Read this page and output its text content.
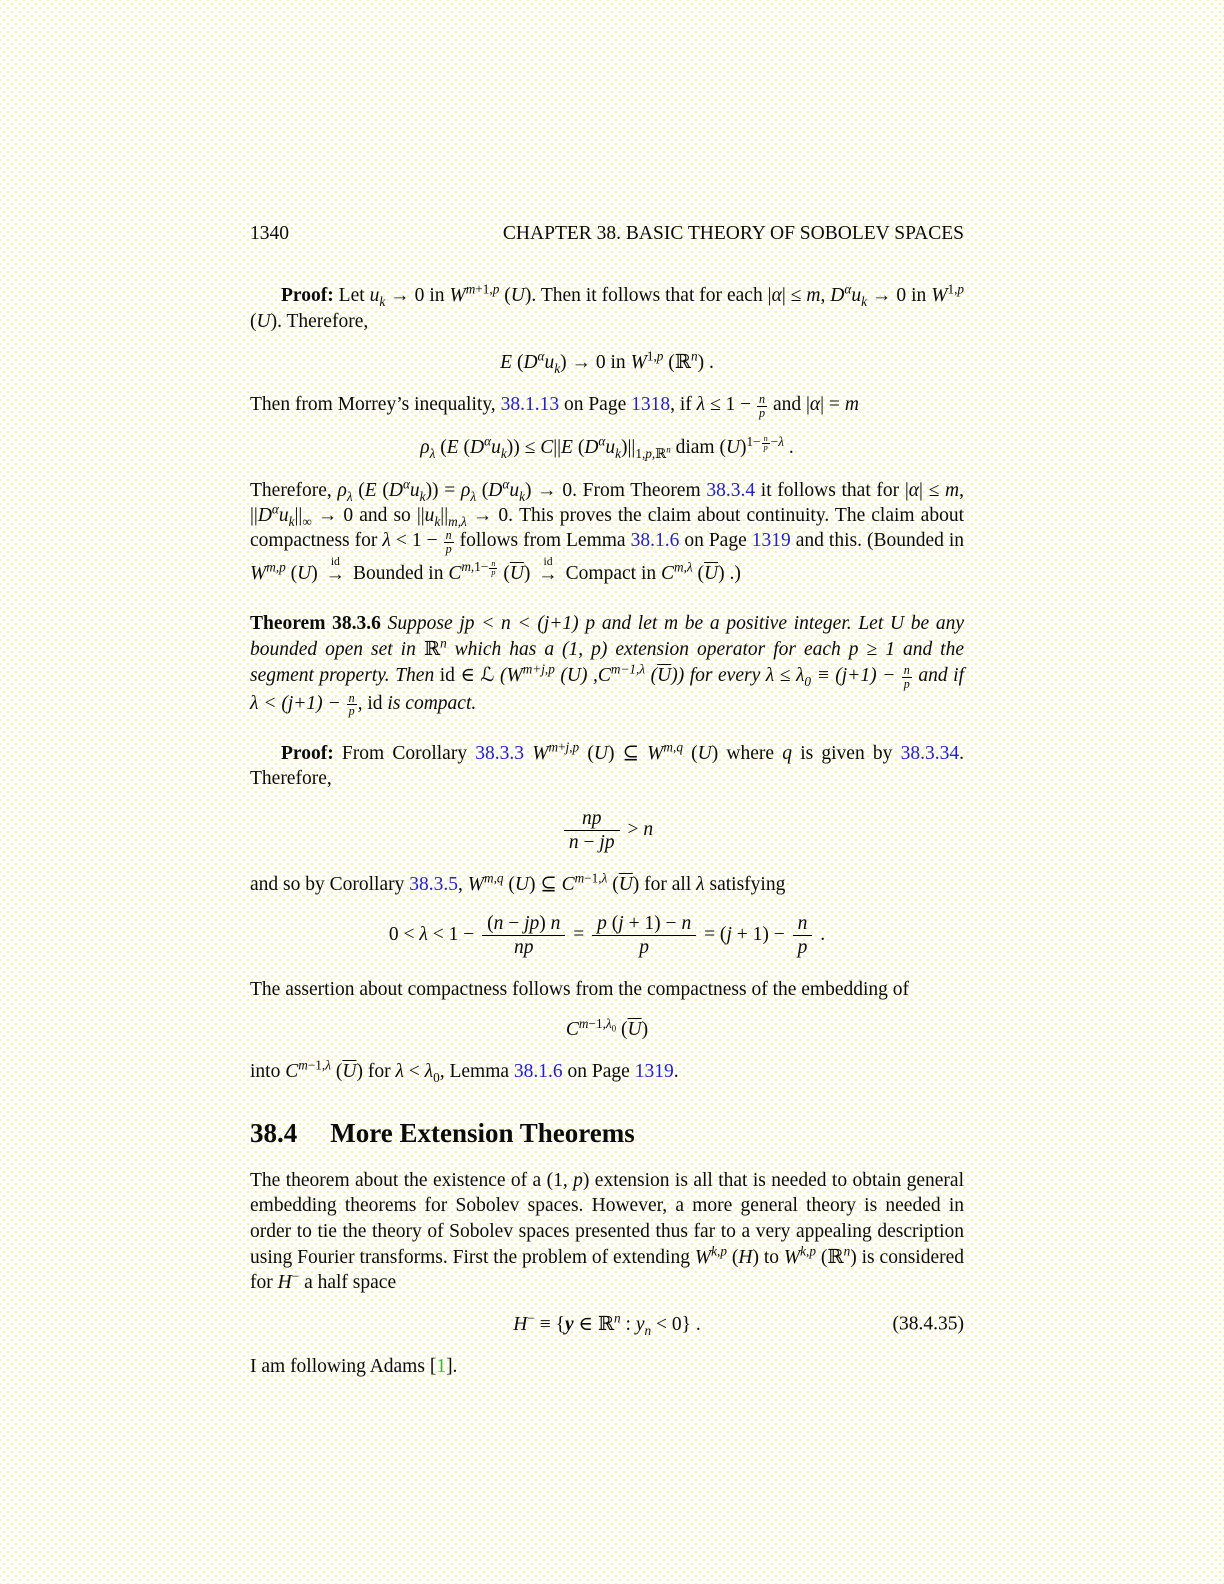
1340	CHAPTER 38. BASIC THEORY OF SOBOLEV SPACES
Proof: Let $u_k \to 0$ in $W^{m+1,p}$ (U). Then it follows that for each |α| ≤ m, $D^\alpha u_k \to 0$ in W$^{1,p}$ (U). Therefore,
E $(D^\alpha u_k) \to 0$ in W$^{1,p}$ (ℝ$^n$) .
Then from Morrey’s inequality, 38.1.13 on Page 1318, if $\lambda \le 1 - \frac{n}{p}$ and |α| = m
$\rho_\lambda$ (E $(D^\alpha u_k)) \le C||E$ $(D^\alpha u_k)||_{1,p,ℝ^n}$ diam $(U)^{1- \frac{n}{p} -\lambda}$ .
Therefore, $\rho_\lambda$ (E $(D^\alpha u_k)) = \rho_\lambda$ $(D^\alpha u_k) \to 0$. From Theorem 38.3.4 it follows that for |α| ≤ m, $||D^\alpha u_k||_\infty \to 0$ and so $||u_k||_{m,\lambda} \to 0$. This proves the claim about continuity. The claim about compactness for $\lambda < 1 - \frac{n}{p}$ follows from Lemma 38.1.6 on Page 1319 and this. (Bounded in W$^{m,p}$ (U)
id
→ Bounded in $C^{m,1- \frac{n}{p}}$ $(\overline{U})$
id
→ Compact in $C^{m,\lambda}$ $(\overline{U})$ .)
Theorem 38.3.6 Suppose jp < n < (j+1) p and let m be a positive integer. Let U be any bounded open set in ℝ$^n$ which has a (1, p) extension operator for each p ≥ 1 and the segment property. Then id ∈ ℒ ($W^{m+j,p}$ (U) $,C^{m-1,\lambda}$ $(\overline{U})$) for every $\lambda \le \lambda_0 \equiv (j+1) - \frac{n}{p}$ and if $\lambda < (j+1) - \frac{n}{p}$ , id is compact.
Proof: From Corollary 38.3.3 $W^{m+j,p}$ (U) ⊆ W$^{m,q}$ (U) where q is given by 38.3.34. Therefore,
$\frac{np}{n - jp} > n$
and so by Corollary 38.3.5, W$^{m,q}$ (U) ⊆ $C^{m-1,\lambda}$ $(\overline{U})$ for all λ satisfying
$0 < \lambda < 1 - \frac{(n - jp) n}{np} = \frac{p (j + 1) - n}{p} = (j + 1) - \frac{n}{p}$ .
The assertion about compactness follows from the compactness of the embedding of
$C^{m-1,\lambda_0}$ $(\overline{U})$
into $C^{m-1,\lambda}$ $(\overline{U})$ for $\lambda < \lambda_0$, Lemma 38.1.6 on Page 1319.
38.4 More Extension Theorems
The theorem about the existence of a (1, p) extension is all that is needed to obtain general embedding theorems for Sobolev spaces. However, a more general theory is needed in order to tie the theory of Sobolev spaces presented thus far to a very appealing description using Fourier transforms. First the problem of extending W$^{k,p}$ (H) to W$^{k,p}$ (ℝ$^n$) is considered for H− a half space
H− ≡ {y ∈ ℝ$^n$ : $y_n < 0$} .	(38.4.35)
I am following Adams [1].
